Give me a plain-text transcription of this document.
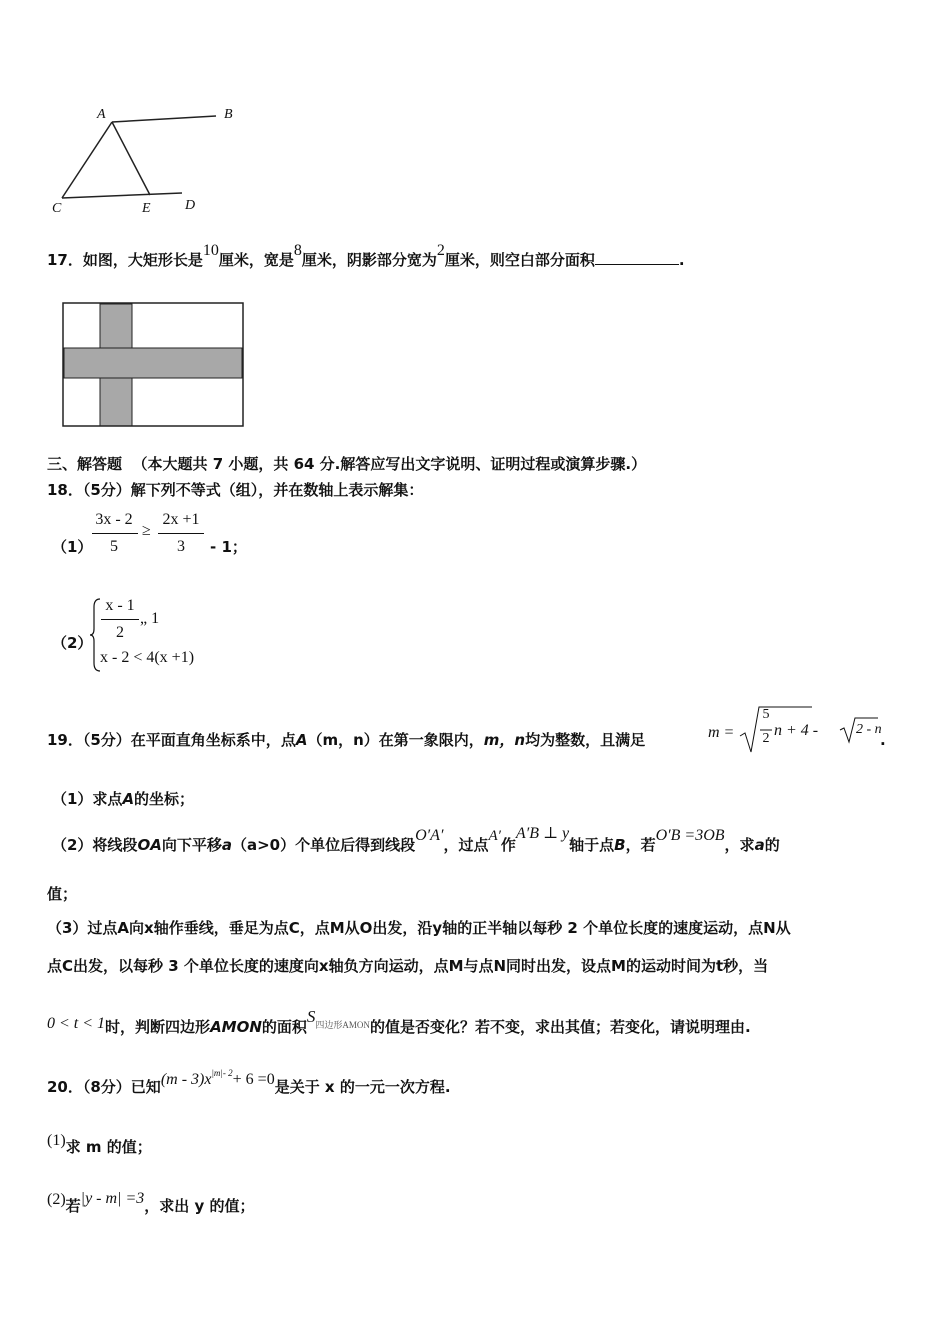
A	B
C	E D
17．如图，大矩形长是10厘米，宽是8厘米，阴影部分宽为2厘米，则空白部分面积	.
三、解答题 （本大题共 7 小题，共 64 分.解答应写出文字说明、证明过程或演算步骤.）
18．（5分）解下列不等式（组），并在数轴上表示解集：
（1）
3x - 2
5
≥
2x +1
3	- 1；
（2）
x - 1
2
„ 1
x - 2 < 4(x +1)
19．（5分）在平面直角坐标系中，点A（m，n）在第一象限内，m，n均为整数，且满足	m =
5
2 n + 4 -	2 - n
.
（1）求点A的坐标；
（2）将线段OA向下平移a（a>0）个单位后得到线段O′A′，过点A′作A′B ⊥ y轴于点B，若O′B =3OB，求a的
值；
（3）过点A向x轴作垂线，垂足为点C，点M从O出发，沿y轴的正半轴以每秒 2 个单位长度的速度运动，点N从
点C出发，以每秒 3 个单位长度的速度向x轴负方向运动，点M与点N同时出发，设点M的运动时间为t秒，当
0 < t < 1时，判断四边形AMON的面积$S^{四边形AMON}$的值是否变化？若不变，求出其值；若变化，请说明理由.
20．（8分）已知$(m - 3)x^{|m|- 2}+ 6 =0$是关于 x 的一元一次方程.
(1)求 m 的值；
(2)若|y - m| =3，求出 y 的值；
